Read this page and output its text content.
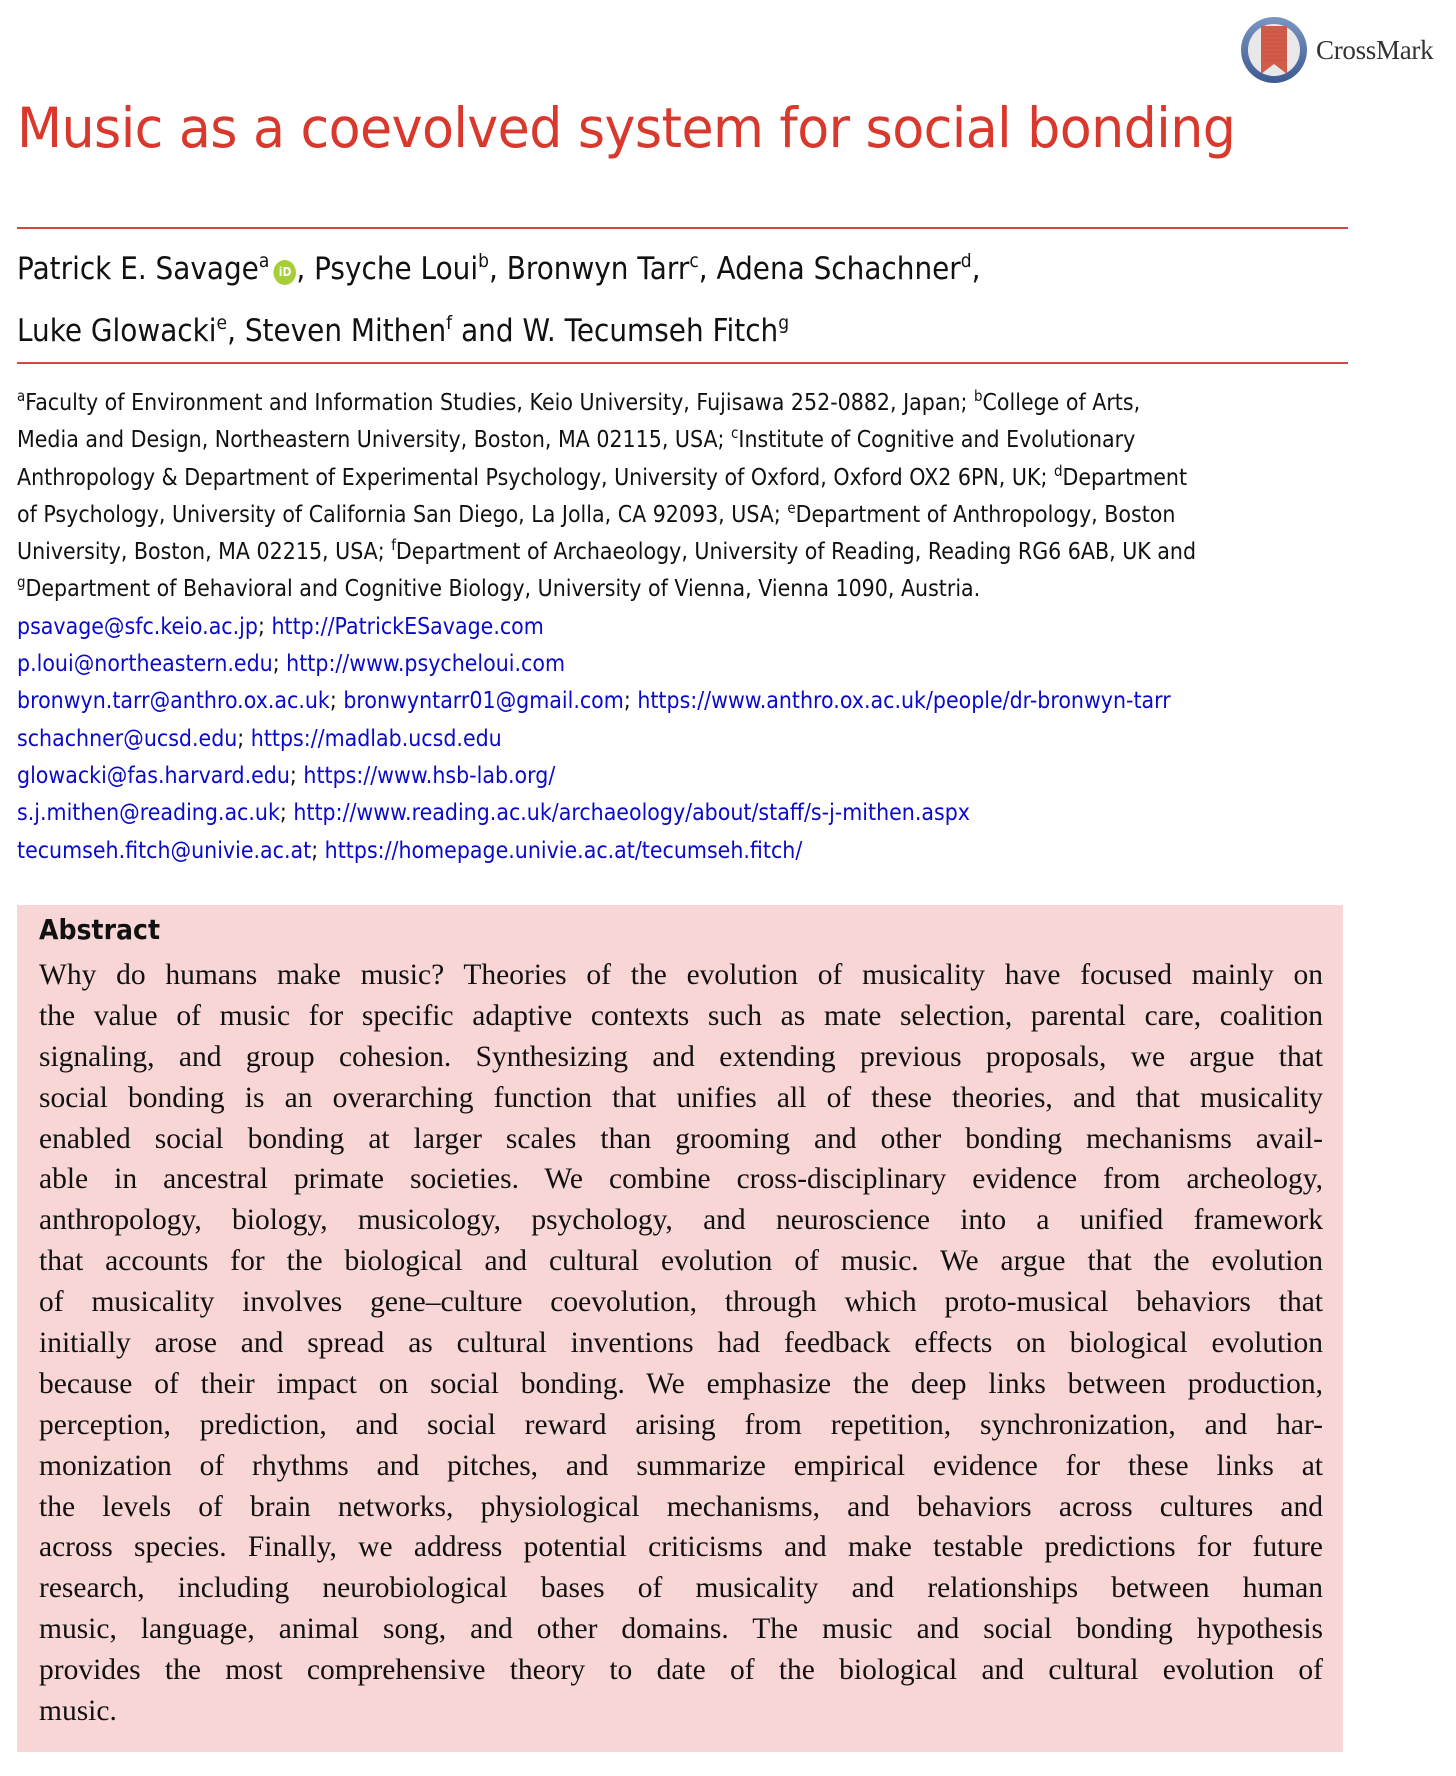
CrossMark
Music as a coevolved system for social bonding
Patrick E. Savage$^a$ iD , Psyche Loui$^b$, Bronwyn Tarr$^c$, Adena Schachner$^d$,
Luke Glowacki$^e$, Steven Mithen$^f$ and W. Tecumseh Fitch$^g$
$^a$Faculty of Environment and Information Studies, Keio University, Fujisawa 252-0882, Japan; $^b$College of Arts,
Media and Design, Northeastern University, Boston, MA 02115, USA; $^c$Institute of Cognitive and Evolutionary
Anthropology & Department of Experimental Psychology, University of Oxford, Oxford OX2 6PN, UK; $^d$Department
of Psychology, University of California San Diego, La Jolla, CA 92093, USA; $^e$Department of Anthropology, Boston
University, Boston, MA 02215, USA; $^f$Department of Archaeology, University of Reading, Reading RG6 6AB, UK and
$^g$Department of Behavioral and Cognitive Biology, University of Vienna, Vienna 1090, Austria.
psavage@sfc.keio.ac.jp; http://PatrickESavage.com
p.loui@northeastern.edu; http://www.psycheloui.com
bronwyn.tarr@anthro.ox.ac.uk; bronwyntarr01@gmail.com; https://www.anthro.ox.ac.uk/people/dr-bronwyn-tarr
schachner@ucsd.edu; https://madlab.ucsd.edu
glowacki@fas.harvard.edu; https://www.hsb-lab.org/
s.j.mithen@reading.ac.uk; http://www.reading.ac.uk/archaeology/about/staff/s-j-mithen.aspx
tecumseh.fitch@univie.ac.at; https://homepage.univie.ac.at/tecumseh.fitch/
Abstract
Why do humans make music? Theories of the evolution of musicality have focused mainly on
the value of music for specific adaptive contexts such as mate selection, parental care, coalition
signaling, and group cohesion. Synthesizing and extending previous proposals, we argue that
social bonding is an overarching function that unifies all of these theories, and that musicality
enabled social bonding at larger scales than grooming and other bonding mechanisms avail-
able in ancestral primate societies. We combine cross-disciplinary evidence from archeology,
anthropology, biology, musicology, psychology, and neuroscience into a unified framework
that accounts for the biological and cultural evolution of music. We argue that the evolution
of musicality involves gene–culture coevolution, through which proto-musical behaviors that
initially arose and spread as cultural inventions had feedback effects on biological evolution
because of their impact on social bonding. We emphasize the deep links between production,
perception, prediction, and social reward arising from repetition, synchronization, and har-
monization of rhythms and pitches, and summarize empirical evidence for these links at
the levels of brain networks, physiological mechanisms, and behaviors across cultures and
across species. Finally, we address potential criticisms and make testable predictions for future
research, including neurobiological bases of musicality and relationships between human
music, language, animal song, and other domains. The music and social bonding hypothesis
provides the most comprehensive theory to date of the biological and cultural evolution of
music.
